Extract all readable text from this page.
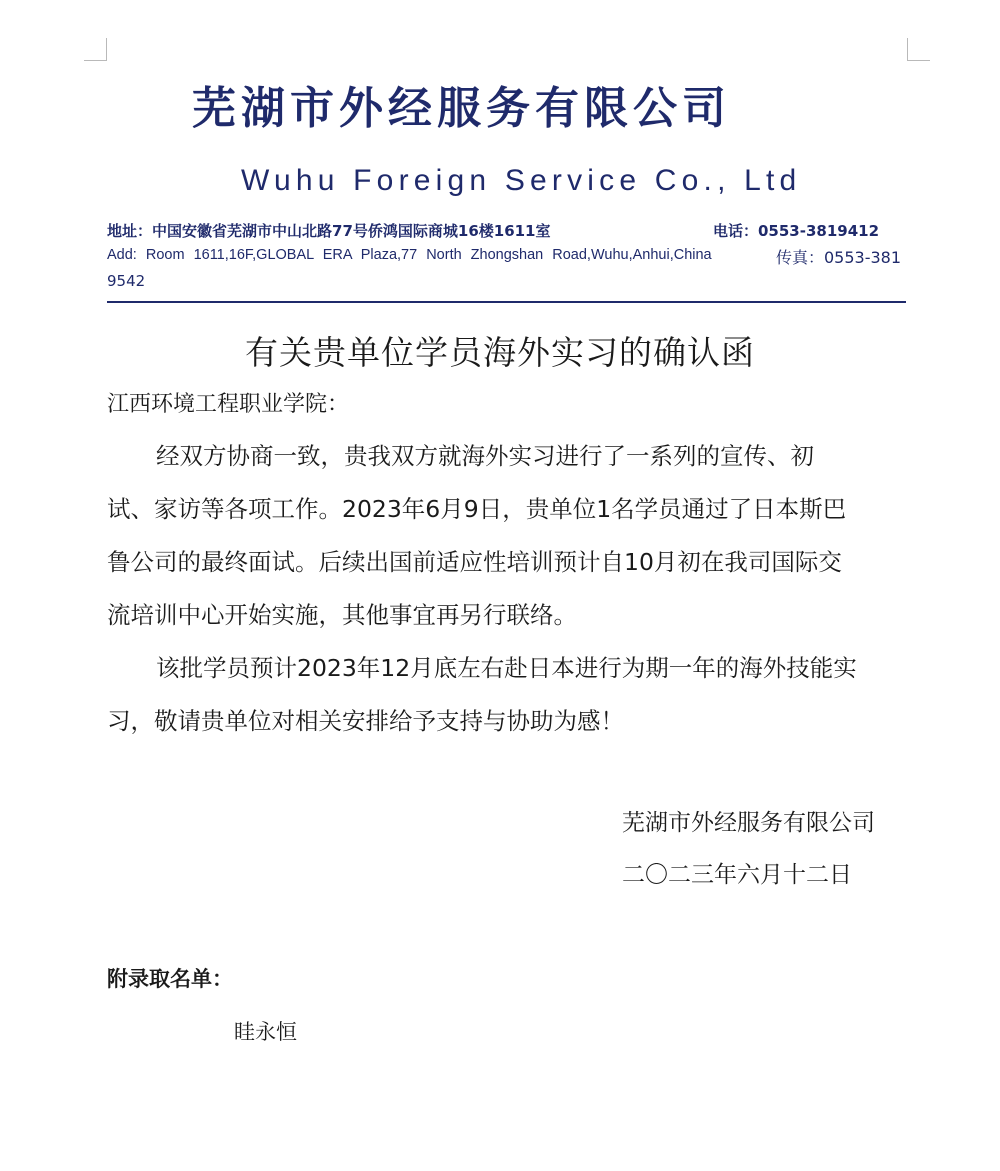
芜湖市外经服务有限公司
Wuhu Foreign Service Co., Ltd
地址：中国安徽省芜湖市中山北路77号侨鸿国际商城16楼1611室	电话：0553-3819412
Add: Room 1611,16F,GLOBAL ERA Plaza,77 North Zhongshan Road,Wuhu,Anhui,China	传真：0553-381
9542
有关贵单位学员海外实习的确认函
江西环境工程职业学院：
经双方协商一致，贵我双方就海外实习进行了一系列的宣传、初
试、家访等各项工作。2023年6月9日，贵单位1名学员通过了日本斯巴
鲁公司的最终面试。后续出国前适应性培训预计自10月初在我司国际交
流培训中心开始实施，其他事宜再另行联络。
该批学员预计2023年12月底左右赴日本进行为期一年的海外技能实
习，敬请贵单位对相关安排给予支持与协助为感！
芜湖市外经服务有限公司
二〇二三年六月十二日
附录取名单：
眭永恒
